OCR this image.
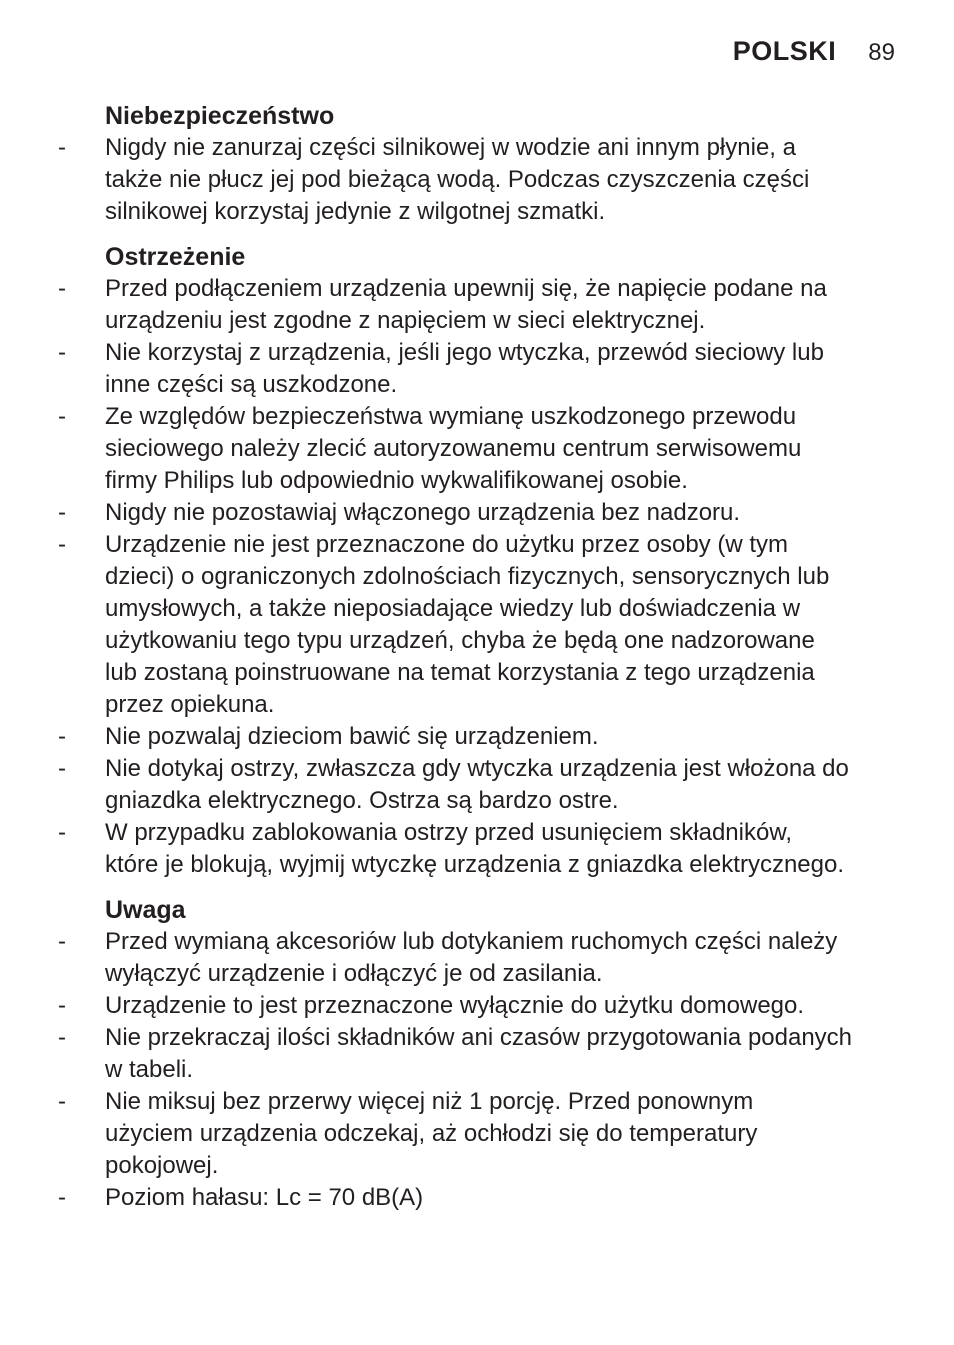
POLSKI 89
Niebezpieczeństwo
-	Nigdy nie zanurzaj części silnikowej w wodzie ani innym płynie, a
także nie płucz jej pod bieżącą wodą. Podczas czyszczenia części
silnikowej korzystaj jedynie z wilgotnej szmatki.
Ostrzeżenie
-	Przed podłączeniem urządzenia upewnij się, że napięcie podane na
urządzeniu jest zgodne z napięciem w sieci elektrycznej.
-	Nie korzystaj z urządzenia, jeśli jego wtyczka, przewód sieciowy lub
inne części są uszkodzone.
-	Ze względów bezpieczeństwa wymianę uszkodzonego przewodu
sieciowego należy zlecić autoryzowanemu centrum serwisowemu
firmy Philips lub odpowiednio wykwalifikowanej osobie.
-	Nigdy nie pozostawiaj włączonego urządzenia bez nadzoru.
-	Urządzenie nie jest przeznaczone do użytku przez osoby (w tym
dzieci) o ograniczonych zdolnościach fizycznych, sensorycznych lub
umysłowych, a także nieposiadające wiedzy lub doświadczenia w
użytkowaniu tego typu urządzeń, chyba że będą one nadzorowane
lub zostaną poinstruowane na temat korzystania z tego urządzenia
przez opiekuna.
-	Nie pozwalaj dzieciom bawić się urządzeniem.
-	Nie dotykaj ostrzy, zwłaszcza gdy wtyczka urządzenia jest włożona do
gniazdka elektrycznego. Ostrza są bardzo ostre.
-	W przypadku zablokowania ostrzy przed usunięciem składników,
które je blokują, wyjmij wtyczkę urządzenia z gniazdka elektrycznego.
Uwaga
-	Przed wymianą akcesoriów lub dotykaniem ruchomych części należy
wyłączyć urządzenie i odłączyć je od zasilania.
-	Urządzenie to jest przeznaczone wyłącznie do użytku domowego.
-	Nie przekraczaj ilości składników ani czasów przygotowania podanych
w tabeli.
-	Nie miksuj bez przerwy więcej niż 1 porcję. Przed ponownym
użyciem urządzenia odczekaj, aż ochłodzi się do temperatury
pokojowej.
-	Poziom hałasu: Lc = 70 dB(A)
